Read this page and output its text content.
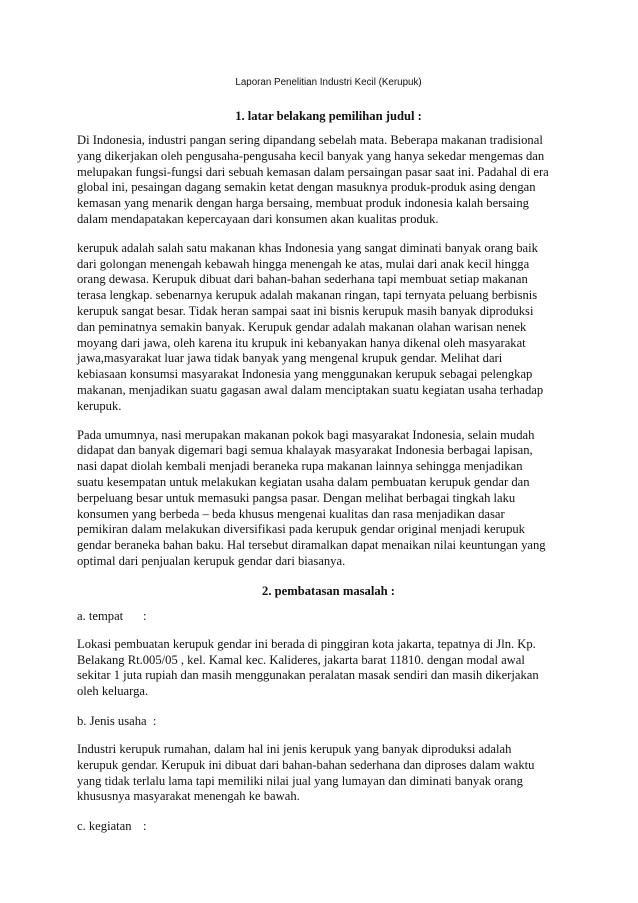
Laporan Penelitian Industri Kecil (Kerupuk)
1. latar belakang pemilihan judul :
Di Indonesia, industri pangan sering dipandang sebelah mata. Beberapa makanan tradisional
yang dikerjakan oleh pengusaha-pengusaha kecil banyak yang hanya sekedar mengemas dan
melupakan fungsi-fungsi dari sebuah kemasan dalam persaingan pasar saat ini. Padahal di era
global ini, pesaingan dagang semakin ketat dengan masuknya produk-produk asing dengan
kemasan yang menarik dengan harga bersaing, membuat produk indonesia kalah bersaing
dalam mendapatakan kepercayaan dari konsumen akan kualitas produk.
kerupuk adalah salah satu makanan khas Indonesia yang sangat diminati banyak orang baik
dari golongan menengah kebawah hingga menengah ke atas, mulai dari anak kecil hingga
orang dewasa. Kerupuk dibuat dari bahan-bahan sederhana tapi membuat setiap makanan
terasa lengkap. sebenarnya kerupuk adalah makanan ringan, tapi ternyata peluang berbisnis
kerupuk sangat besar. Tidak heran sampai saat ini bisnis kerupuk masih banyak diproduksi
dan peminatnya semakin banyak. Kerupuk gendar adalah makanan olahan warisan nenek
moyang dari jawa, oleh karena itu krupuk ini kebanyakan hanya dikenal oleh masyarakat
jawa,masyarakat luar jawa tidak banyak yang mengenal krupuk gendar. Melihat dari
kebiasaan konsumsi masyarakat Indonesia yang menggunakan kerupuk sebagai pelengkap
makanan, menjadikan suatu gagasan awal dalam menciptakan suatu kegiatan usaha terhadap
kerupuk.
Pada umumnya, nasi merupakan makanan pokok bagi masyarakat Indonesia, selain mudah
didapat dan banyak digemari bagi semua khalayak masyarakat Indonesia berbagai lapisan,
nasi dapat diolah kembali menjadi beraneka rupa makanan lainnya sehingga menjadikan
suatu kesempatan untuk melakukan kegiatan usaha dalam pembuatan kerupuk gendar dan
berpeluang besar untuk memasuki pangsa pasar. Dengan melihat berbagai tingkah laku
konsumen yang berbeda – beda khusus mengenai kualitas dan rasa menjadikan dasar
pemikiran dalam melakukan diversifikasi pada kerupuk gendar original menjadi kerupuk
gendar beraneka bahan baku. Hal tersebut diramalkan dapat menaikan nilai keuntungan yang
optimal dari penjualan kerupuk gendar dari biasanya.
2. pembatasan masalah :
a. tempat :
Lokasi pembuatan kerupuk gendar ini berada di pinggiran kota jakarta, tepatnya di Jln. Kp.
Belakang Rt.005/05 , kel. Kamal kec. Kalideres, jakarta barat 11810. dengan modal awal
sekitar 1 juta rupiah dan masih menggunakan peralatan masak sendiri dan masih dikerjakan
oleh keluarga.
b. Jenis usaha :
Industri kerupuk rumahan, dalam hal ini jenis kerupuk yang banyak diproduksi adalah
kerupuk gendar. Kerupuk ini dibuat dari bahan-bahan sederhana dan diproses dalam waktu
yang tidak terlalu lama tapi memiliki nilai jual yang lumayan dan diminati banyak orang
khususnya masyarakat menengah ke bawah.
c. kegiatan :
